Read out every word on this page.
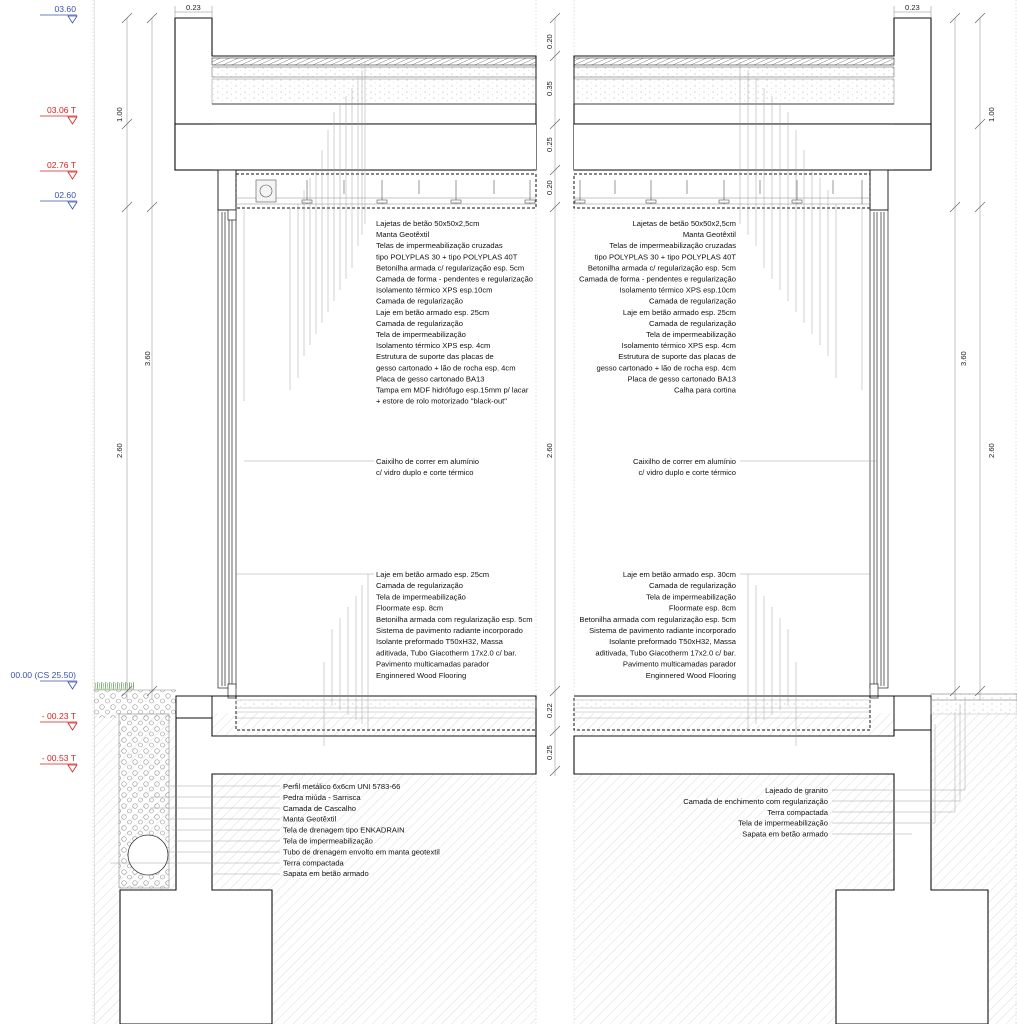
03.60
03.06 T
02.76 T
02.60
00.00 (CS 25.50)
- 00.23 T
- 00.53 T
0.23	0.23
1.00
3.60
2.60
0.20
0.35
0.25
0.20
2.60
0.22
0.25
1.00
3.60
2.60
Lajetas de betão 50x50x2,5cm
Manta Geotêxtil
Telas de impermeabilização cruzadas
tipo POLYPLAS 30 + tipo POLYPLAS 40T
Betonilha armada c/ regularização esp. 5cm
Camada de forma - pendentes e regularização
Isolamento térmico XPS esp.10cm
Camada de regularização
Laje em betão armado esp. 25cm
Camada de regularização
Tela de impermeabilização
Isolamento térmico XPS esp. 4cm
Estrutura de suporte das placas de
gesso cartonado + lão de rocha esp. 4cm
Placa de gesso cartonado BA13
Tampa em MDF hidrófugo esp.15mm p/ lacar
+ estore de rolo motorizado "black-out"
Lajetas de betão 50x50x2,5cm
Manta Geotêxtil
Telas de impermeabilização cruzadas
tipo POLYPLAS 30 + tipo POLYPLAS 40T
Betonilha armada c/ regularização esp. 5cm
Camada de forma - pendentes e regularização
Isolamento térmico XPS esp.10cm
Camada de regularização
Laje em betão armado esp. 25cm
Camada de regularização
Tela de impermeabilização
Isolamento térmico XPS esp. 4cm
Estrutura de suporte das placas de
gesso cartonado + lão de rocha esp. 4cm
Placa de gesso cartonado BA13
Calha para cortina
Caixilho de correr em alumínio
c/ vidro duplo e corte térmico
Caixilho de correr em alumínio
c/ vidro duplo e corte térmico
Laje em betão armado esp. 25cm
Camada de regularização
Tela de impermeabilização
Floormate esp. 8cm
Betonilha armada com regularização esp. 5cm
Sistema de pavimento radiante incorporado
Isolante preformado T50xH32, Massa
aditivada, Tubo Giacotherm 17x2.0 c/ bar.
Pavimento multicamadas parador
Enginnered Wood Flooring
Laje em betão armado esp. 30cm
Camada de regularização
Tela de impermeabilização
Floormate esp. 8cm
Betonilha armada com regularização esp. 5cm
Sistema de pavimento radiante incorporado
Isolante preformado T50xH32, Massa
aditivada, Tubo Giacotherm 17x2.0 c/ bar.
Pavimento multicamadas parador
Enginnered Wood Flooring
Perfil metálico 6x6cm UNI 5783-66
Pedra miúda - Sarrisca
Camada de Cascalho
Manta Geotêxtil
Tela de drenagem tipo ENKADRAIN
Tela de impermeabilização
Tubo de drenagem envolto em manta geotextil
Terra compactada
Sapata em betão armado
Lajeado de granito
Camada de enchimento com regularização
Terra compactada
Tela de impermeabilização
Sapata em betão armado
